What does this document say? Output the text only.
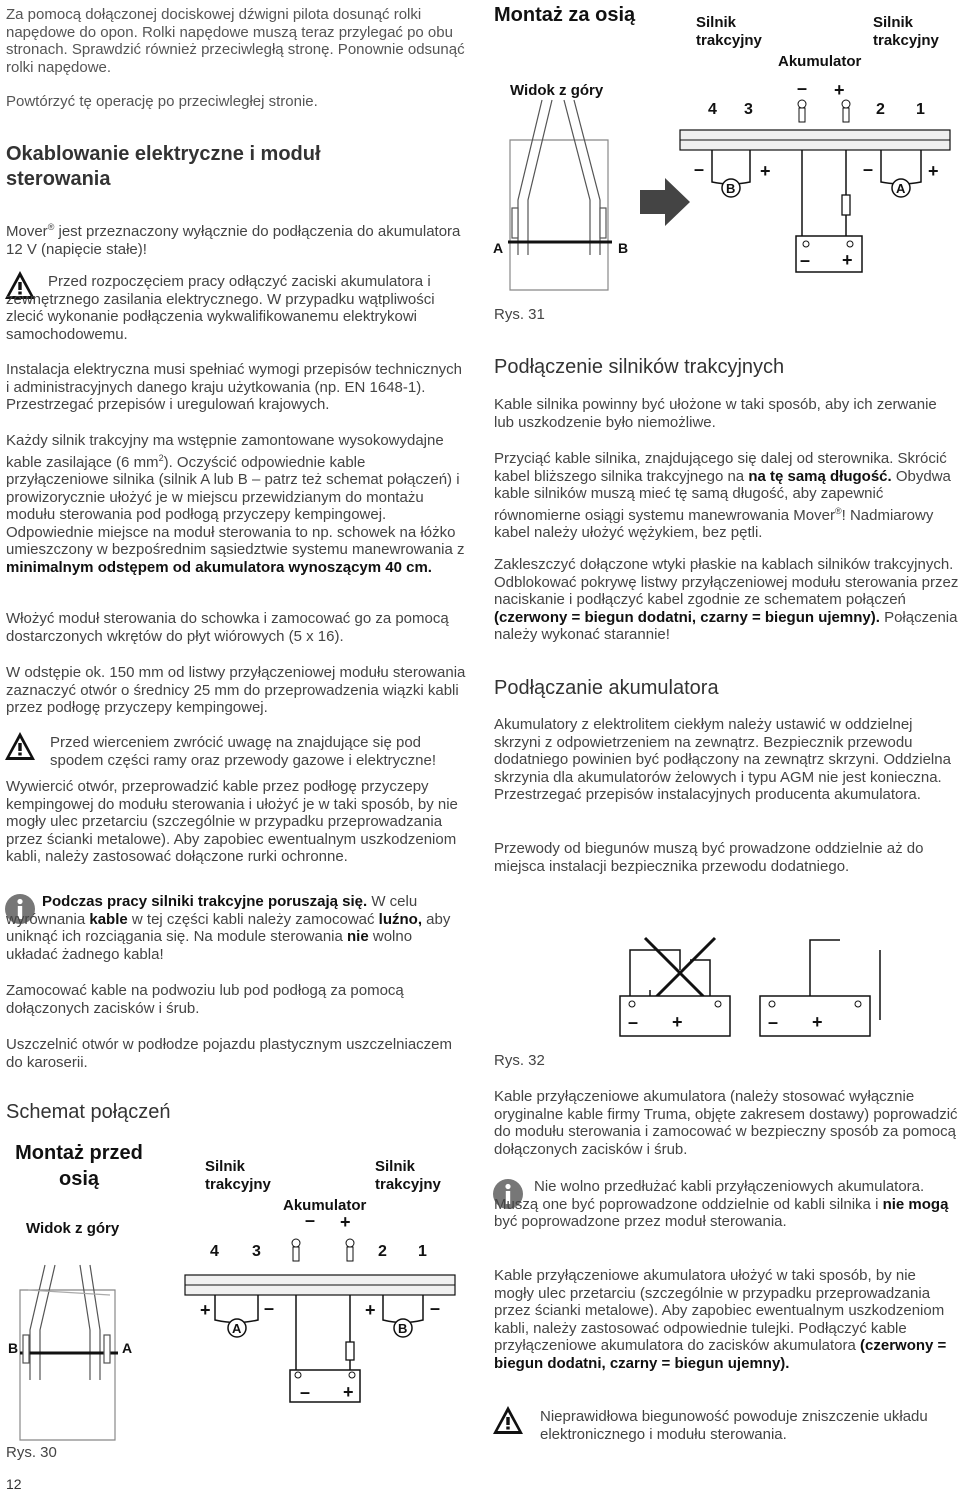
Za pomocą dołączonej dociskowej dźwigni pilota dosunąć rolki napędowe do opon. Rolki napędowe muszą teraz przylegać po obu stronach. Sprawdzić również przeciwległą stronę. Ponownie odsunąć rolki napędowe.

Powtórzyć tę operację po przeciwległej stronie.

Okablowanie elektryczne i moduł sterowania

Mover® jest przeznaczony wyłącznie do podłączenia do akumulatora 12 V (napięcie stałe)!

Przed rozpoczęciem pracy odłączyć zaciski akumulatora i zewnętrznego zasilania elektrycznego. W przypadku wątpliwości zlecić wykonanie podłączenia wykwalifikowanemu elektrykowi samochodowemu.

Instalacja elektryczna musi spełniać wymogi przepisów technicznych i administracyjnych danego kraju użytkowania (np. EN 1648-1). Przestrzegać przepisów i uregulowań krajowych.

Każdy silnik trakcyjny ma wstępnie zamontowane wysokowydajne kable zasilające (6 $mm^2$). Oczyścić odpowiednie kable przyłączeniowe silnika (silnik A lub B – patrz też schemat połączeń) i prowizorycznie ułożyć je w miejscu przewidzianym do montażu modułu sterowania pod podłogą przyczepy kempingowej. Odpowiednie miejsce na moduł sterowania to np. schowek na łóżko umieszczony w bezpośrednim sąsiedztwie systemu manewrowania z minimalnym odstępem od akumulatora wynoszącym 40 cm.

Włożyć moduł sterowania do schowka i zamocować go za pomocą dostarczonych wkrętów do płyt wiórowych (5 x 16).

W odstępie ok. 150 mm od listwy przyłączeniowej modułu sterowania zaznaczyć otwór o średnicy 25 mm do przeprowadzenia wiązki kabli przez podłogę przyczepy kempingowej.

Przed wierceniem zwrócić uwagę na znajdujące się pod spodem części ramy oraz przewody gazowe i elektryczne!

Wywiercić otwór, przeprowadzić kable przez podłogę przyczepy kempingowej do modułu sterowania i ułożyć je w taki sposób, by nie mogły ulec przetarciu (szczególnie w przypadku przeprowadzania przez ścianki metalowe). Aby zapobiec ewentualnym uszkodzeniom kabli, należy zastosować dołączone rurki ochronne.

Podczas pracy silniki trakcyjne poruszają się. W celu wyrównania kable w tej części kabli należy zamocować luźno, aby uniknąć ich rozciągania się. Na module sterowania nie wolno układać żadnego kabla!

Zamocować kable na podwoziu lub pod podłogą za pomocą dołączonych zacisków i śrub.

Uszczelnić otwór w podłodze pojazdu plastycznym uszczelniaczem do karoserii.

Schemat połączeń
Montaż przed osią
Widok z góry
Silnik
trakcyjny
Silnik
trakcyjny
Akumulator
B	A
4 3	2 1
– +
A	B
+	–	+	–
– +
Rys. 30
12
Montaż za osią
Widok z góry
Silnik
trakcyjny
Silnik
trakcyjny
Akumulator
A	B
4 3	2 1
– +
B	A
–	+	–	+
– +
Rys. 31
Podłączenie silników trakcyjnych

Kable silnika powinny być ułożone w taki sposób, aby ich zerwanie lub uszkodzenie było niemożliwe.

Przyciąć kable silnika, znajdującego się dalej od sterownika. Skrócić kabel bliższego silnika trakcyjnego na na tę samą długość. Obydwa kable silników muszą mieć tę samą długość, aby zapewnić równomierne osiągi systemu manewrowania Mover®! Nadmiarowy kabel należy ułożyć wężykiem, bez pętli.

Zakleszczyć dołączone wtyki płaskie na kablach silników trakcyjnych. Odblokować pokrywę listwy przyłączeniowej modułu sterowania przez naciskanie i podłączyć kabel zgodnie ze schematem połączeń (czerwony = biegun dodatni, czarny = biegun ujemny). Połączenia należy wykonać starannie!

Podłączanie akumulatora

Akumulatory z elektrolitem ciekłym należy ustawić w oddzielnej skrzyni z odpowietrzeniem na zewnątrz. Bezpiecznik przewodu dodatniego powinien być podłączony na zewnątrz skrzyni. Oddzielna skrzynia dla akumulatorów żelowych i typu AGM nie jest konieczna. Przestrzegać przepisów instalacyjnych producenta akumulatora.

Przewody od biegunów muszą być prowadzone oddzielnie aż do miejsca instalacji bezpiecznika przewodu dodatniego.

– +	– +
Rys. 32

Kable przyłączeniowe akumulatora (należy stosować wyłącznie oryginalne kable firmy Truma, objęte zakresem dostawy) poprowadzić do modułu sterowania i zamocować w bezpieczny sposób za pomocą dołączonych zacisków i śrub.

Nie wolno przedłużać kabli przyłączeniowych akumulatora. Muszą one być poprowadzone oddzielnie od kabli silnika i nie mogą być poprowadzone przez moduł sterowania.

Kable przyłączeniowe akumulatora ułożyć w taki sposób, by nie mogły ulec przetarciu (szczególnie w przypadku przeprowadzania przez ścianki metalowe). Aby zapobiec ewentualnym uszkodzeniom kabli, należy zastosować odpowiednie tulejki. Podłączyć kable przyłączeniowe akumulatora do zacisków akumulatora (czerwony = biegun dodatni, czarny = biegun ujemny).

Nieprawidłowa biegunowość powoduje zniszczenie układu elektronicznego i modułu sterowania.
